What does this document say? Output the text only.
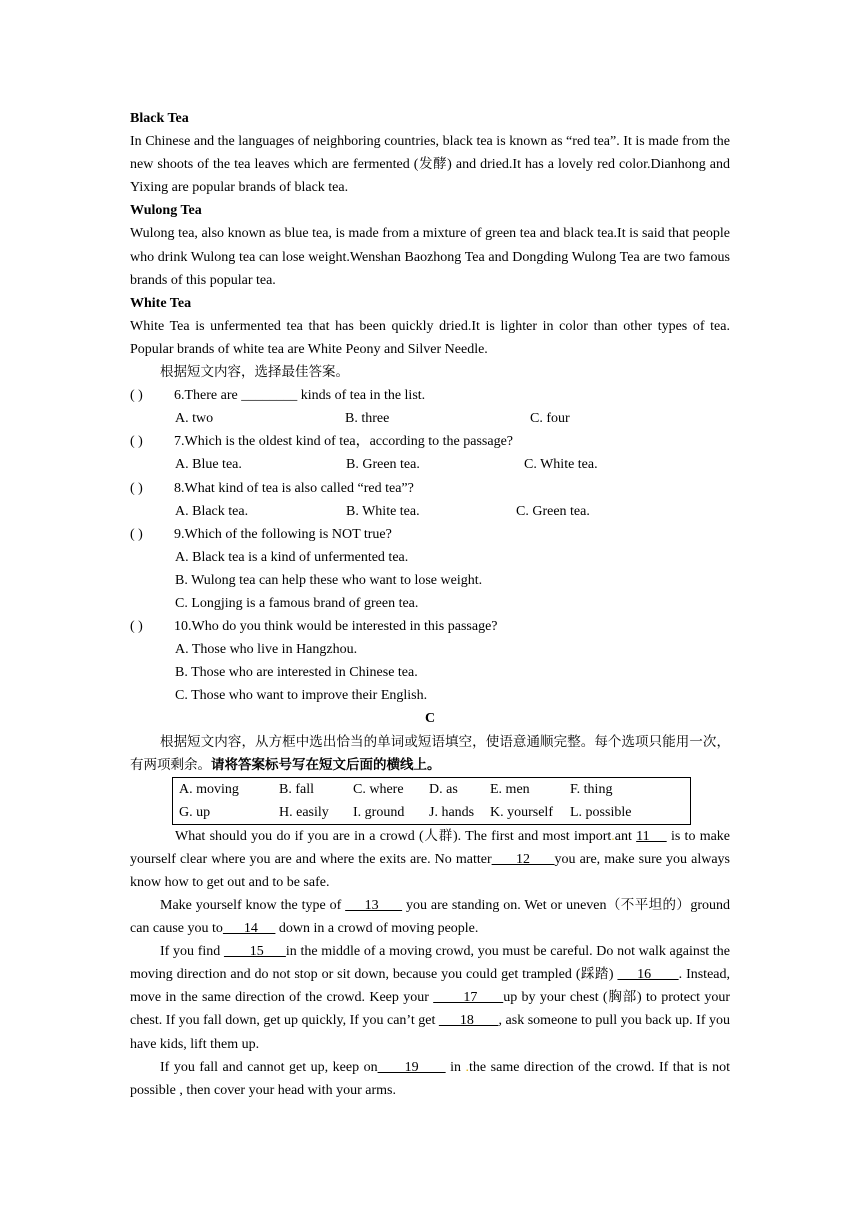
Black Tea

In Chinese and the languages of neighboring countries, black tea is known as “red tea”. It is made from the new shoots of the tea leaves which are fermented (发酵) and dried.It has a lovely red color.Dianhong and Yixing are popular brands of black tea.

Wulong Tea

Wulong tea, also known as blue tea, is made from a mixture of green tea and black tea.It is said that people who drink Wulong tea can lose weight.Wenshan Baozhong Tea and Dongding Wulong Tea are two famous brands of this popular tea.

White Tea

White Tea is unfermented tea that has been quickly dried.It is lighter in color than other types of tea. Popular brands of white tea are White Peony and Silver Needle.

根据短文内容，选择最佳答案。

( ) 6.There are ________ kinds of tea in the list.

A. two	B. three	C. four

( ) 7.Which is the oldest kind of tea，according to the passage?

A. Blue tea.	B. Green tea.	C. White tea.

( ) 8.What kind of tea is also called “red tea”?

A. Black tea.	B. White tea.	C. Green tea.

( ) 9.Which of the following is NOT true?

A. Black tea is a kind of unfermented tea.

B. Wulong tea can help these who want to lose weight.

C. Longjing is a famous brand of green tea.

( ) 10.Who do you think would be interested in this passage?

A. Those who live in Hangzhou.

B. Those who are interested in Chinese tea.

C. Those who want to improve their English.

C

根据短文内容，从方框中选出恰当的单词或短语填空，使语意通顺完整。每个选项只能用一次，有两项剩余。请将答案标号写在短文后面的横线上。

A. moving	B. fall	C. where	D. as	E. men	F. thing
G. up	H. easily	I. ground	J. hands	K. yourself	L. possible

What should you do if you are in a crowd (人群). The first and most import.ant 11     is to make yourself clear where you are and where the exits are. No matter      12      you are, make sure you always know how to get out and to be safe.

Make yourself know the type of      13       you are standing on. Wet or uneven（不平坦的）ground can cause you to      14      down in a crowd of moving people.

If you find        15      in the middle of a moving crowd, you must be careful. Do not walk against the moving direction and do not stop or sit down, because you could get trampled (踩踏)      16       . Instead, move in the same direction of the crowd. Keep your        17      up by your chest (胸部) to protect your chest. If you fall down, get up quickly, If you can’t get       18       , ask someone to pull you back up. If you have kids, lift them up.

If you fall and cannot get up, keep on      19       in .the same direction of the crowd. If that is not possible , then cover your head with your arms.
